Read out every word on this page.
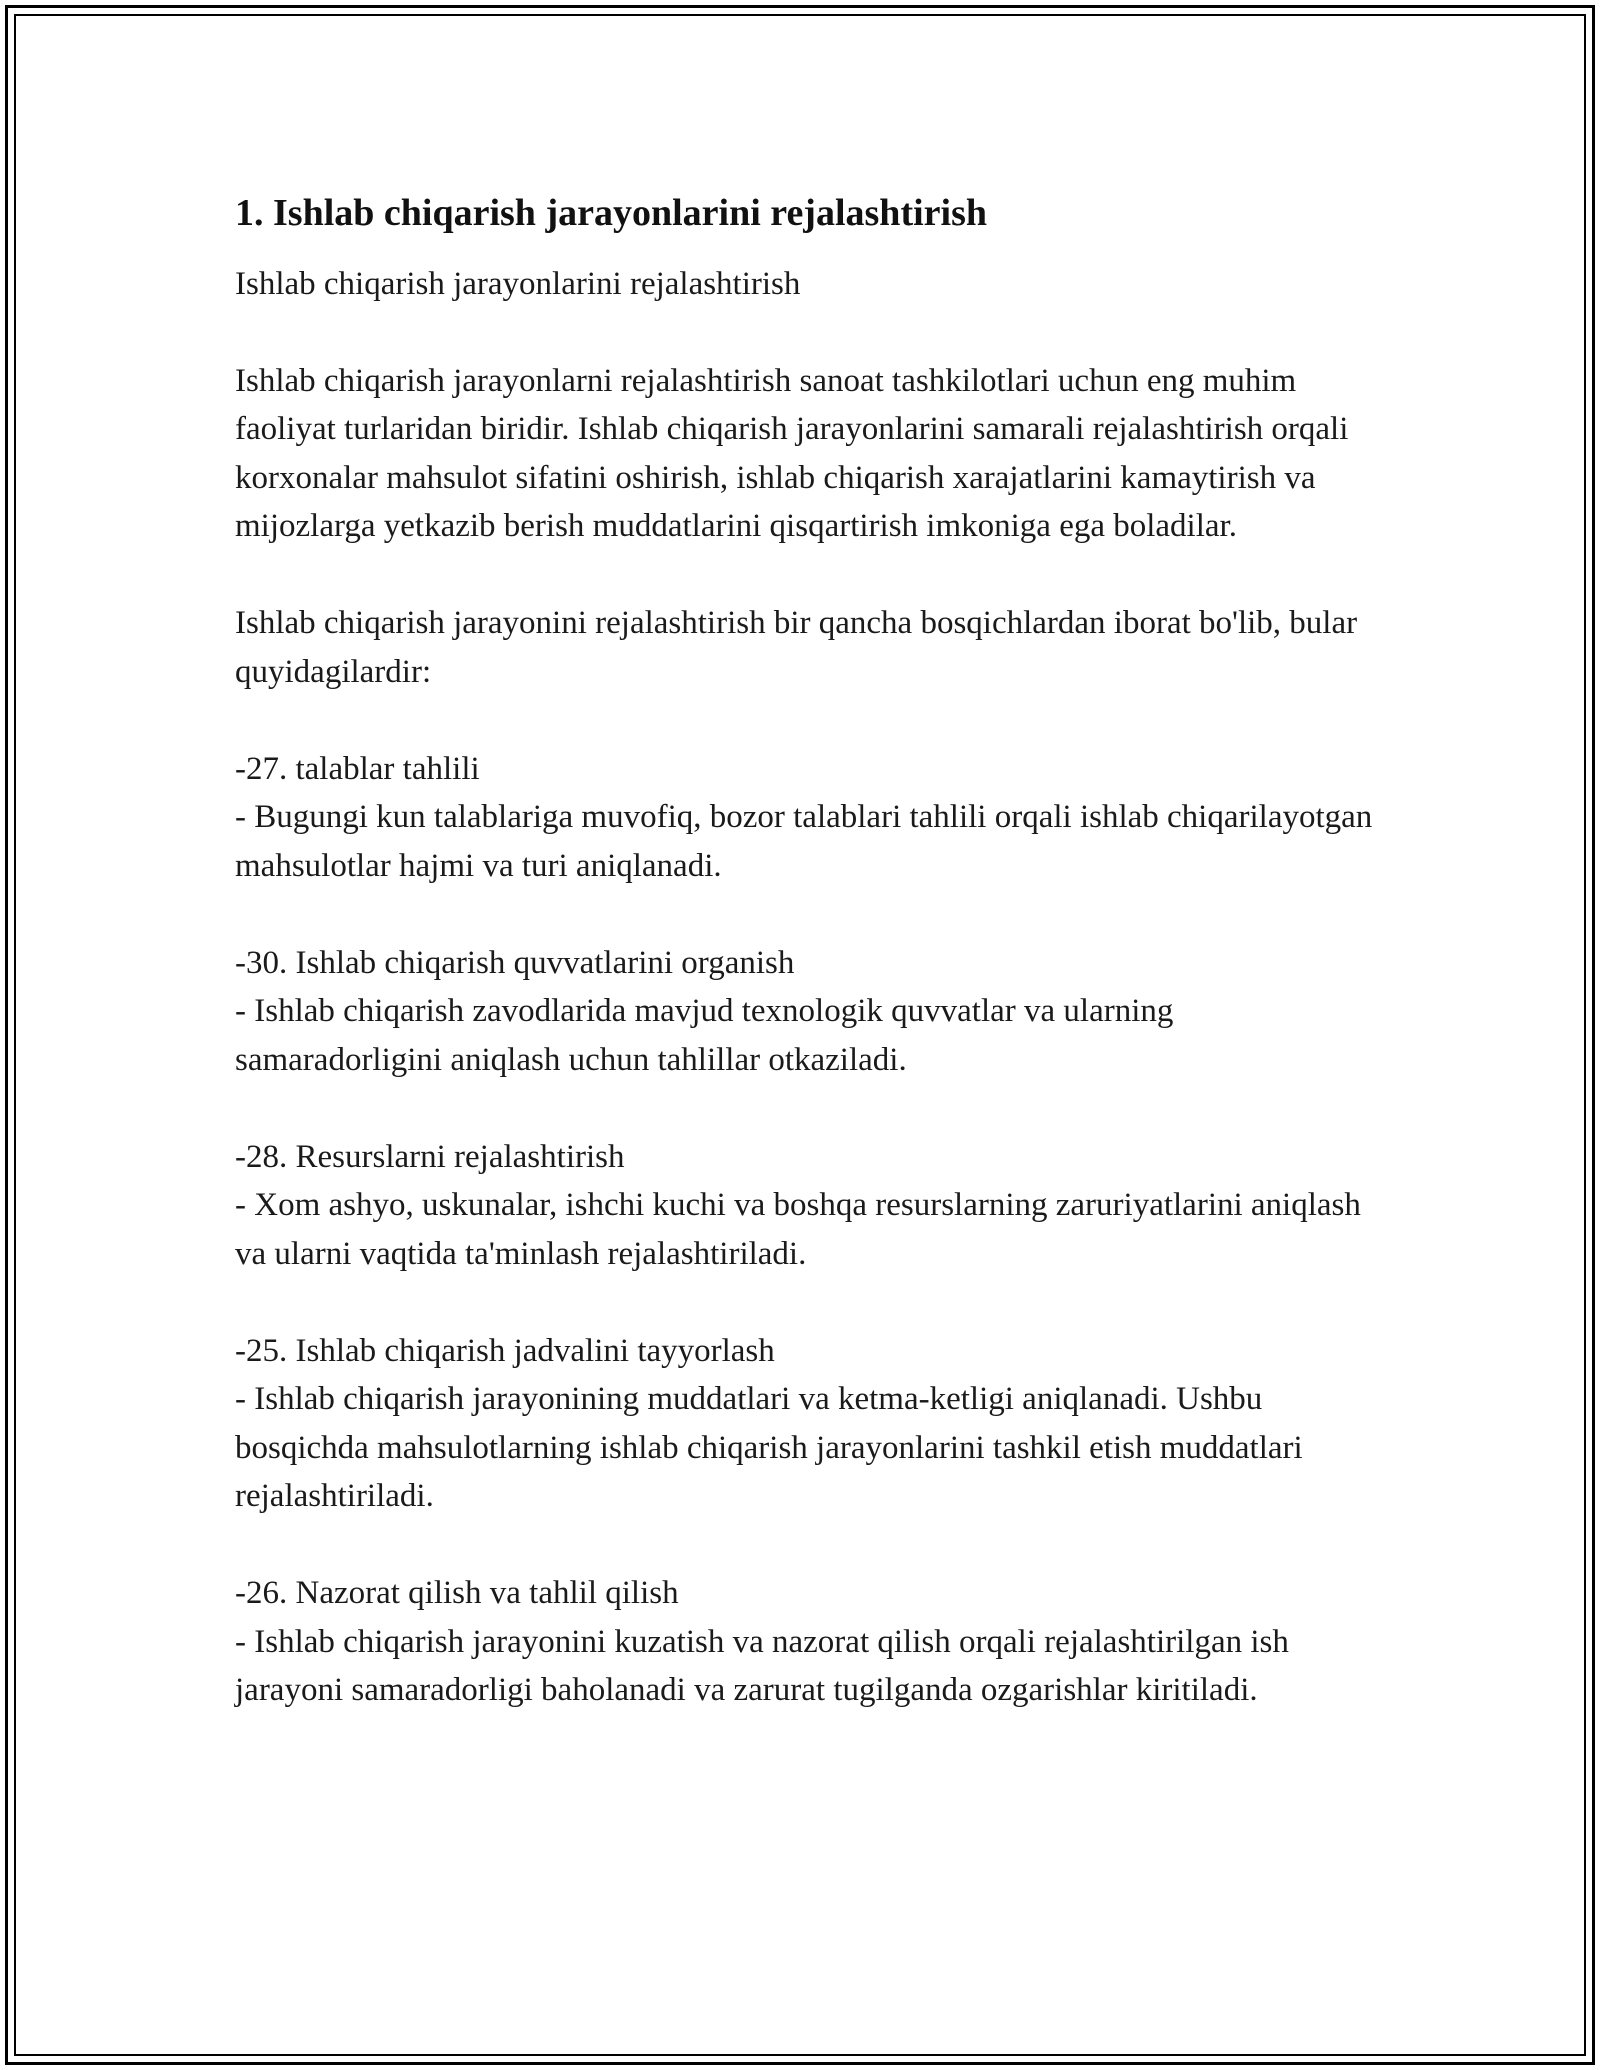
1. Ishlab chiqarish jarayonlarini rejalashtirish

Ishlab chiqarish jarayonlarini rejalashtirish

Ishlab chiqarish jarayonlarni rejalashtirish sanoat tashkilotlari uchun eng muhim faoliyat turlaridan biridir. Ishlab chiqarish jarayonlarini samarali rejalashtirish orqali korxonalar mahsulot sifatini oshirish, ishlab chiqarish xarajatlarini kamaytirish va mijozlarga yetkazib berish muddatlarini qisqartirish imkoniga ega boladilar.

Ishlab chiqarish jarayonini rejalashtirish bir qancha bosqichlardan iborat bo'lib, bular quyidagilardir:

-27. talablar tahlili

- Bugungi kun talablariga muvofiq, bozor talablari tahlili orqali ishlab chiqarilayotgan mahsulotlar hajmi va turi aniqlanadi.

-30. Ishlab chiqarish quvvatlarini organish

- Ishlab chiqarish zavodlarida mavjud texnologik quvvatlar va ularning samaradorligini aniqlash uchun tahlillar otkaziladi.

-28. Resurslarni rejalashtirish

- Xom ashyo, uskunalar, ishchi kuchi va boshqa resurslarning zaruriyatlarini aniqlash va ularni vaqtida ta'minlash rejalashtiriladi.

-25. Ishlab chiqarish jadvalini tayyorlash

- Ishlab chiqarish jarayonining muddatlari va ketma-ketligi aniqlanadi. Ushbu bosqichda mahsulotlarning ishlab chiqarish jarayonlarini tashkil etish muddatlari rejalashtiriladi.

-26. Nazorat qilish va tahlil qilish

- Ishlab chiqarish jarayonini kuzatish va nazorat qilish orqali rejalashtirilgan ish jarayoni samaradorligi baholanadi va zarurat tugilganda ozgarishlar kiritiladi.
